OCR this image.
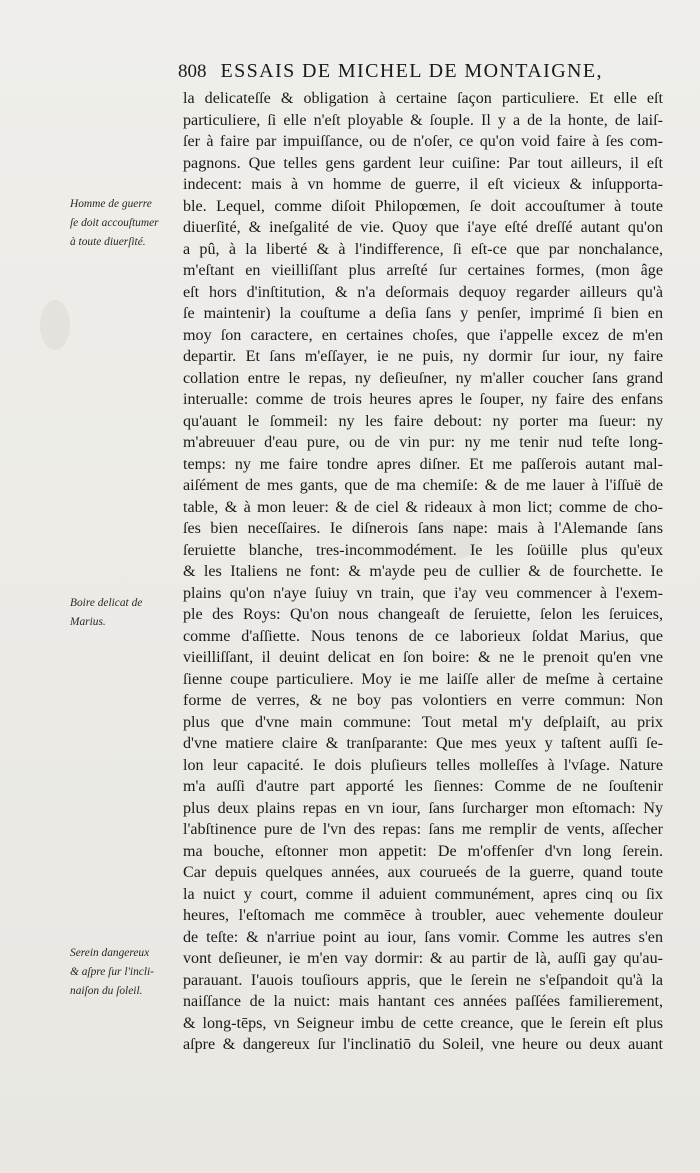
808 ESSAIS DE MICHEL DE MONTAIGNE,
Homme de guerre
ſe doit accouſtumer
à toute diuerſité.
Boire delicat de
Marius.
Serein dangereux
& aſpre ſur l'incli-
naiſon du ſoleil.
la delicateſſe & obligation à certaine ſaçon particuliere. Et elle eſt
particuliere, ſi elle n'eſt ployable & ſouple. Il y a de la honte, de laiſ-
ſer à faire par impuiſſance, ou de n'oſer, ce qu'on void faire à ſes com-
pagnons. Que telles gens gardent leur cuiſine: Par tout ailleurs, il eſt
indecent: mais à vn homme de guerre, il eſt vicieux & inſupporta-
ble. Lequel, comme diſoit Philopœmen, ſe doit accouſtumer à toute
diuerſité, & ineſgalité de vie. Quoy que i'aye eſté dreſſé autant qu'on
a pû, à la liberté & à l'indifference, ſi eſt-ce que par nonchalance,
m'eſtant en vieilliſſant plus arreſté ſur certaines formes, (mon âge
eſt hors d'inſtitution, & n'a deſormais dequoy regarder ailleurs qu'à
ſe maintenir) la couſtume a deſia ſans y penſer, imprimé ſi bien en
moy ſon caractere, en certaines choſes, que i'appelle excez de m'en
departir. Et ſans m'eſſayer, ie ne puis, ny dormir ſur iour, ny faire
collation entre le repas, ny deſieuſner, ny m'aller coucher ſans grand
interualle: comme de trois heures apres le ſouper, ny faire des enfans
qu'auant le ſommeil: ny les faire debout: ny porter ma ſueur: ny
m'abreuuer d'eau pure, ou de vin pur: ny me tenir nud teſte long-
temps: ny me faire tondre apres diſner. Et me paſſerois autant mal-
aiſément de mes gants, que de ma chemiſe: & de me lauer à l'iſſuë de
table, & à mon leuer: & de ciel & rideaux à mon lict; comme de cho-
ſes bien neceſſaires. Ie diſnerois ſans nape: mais à l'Alemande ſans
ſeruiette blanche, tres-incommodément. Ie les ſoüille plus qu'eux
& les Italiens ne font: & m'ayde peu de cullier & de fourchette. Ie
plains qu'on n'aye ſuiuy vn train, que i'ay veu commencer à l'exem-
ple des Roys: Qu'on nous changeaſt de ſeruiette, ſelon les ſeruices,
comme d'aſſiette. Nous tenons de ce laborieux ſoldat Marius, que
vieilliſſant, il deuint delicat en ſon boire: & ne le prenoit qu'en vne
ſienne coupe particuliere. Moy ie me laiſſe aller de meſme à certaine
forme de verres, & ne boy pas volontiers en verre commun: Non
plus que d'vne main commune: Tout metal m'y deſplaiſt, au prix
d'vne matiere claire & tranſparante: Que mes yeux y taſtent auſſi ſe-
lon leur capacité. Ie dois pluſieurs telles molleſſes à l'vſage. Nature
m'a auſſi d'autre part apporté les ſiennes: Comme de ne ſouſtenir
plus deux plains repas en vn iour, ſans ſurcharger mon eſtomach: Ny
l'abſtinence pure de l'vn des repas: ſans me remplir de vents, aſſecher
ma bouche, eſtonner mon appetit: De m'offenſer d'vn long ſerein.
Car depuis quelques années, aux courueés de la guerre, quand toute
la nuict y court, comme il aduient communément, apres cinq ou ſix
heures, l'eſtomach me commēce à troubler, auec vehemente douleur
de teſte: & n'arriue point au iour, ſans vomir. Comme les autres s'en
vont deſieuner, ie m'en vay dormir: & au partir de là, auſſi gay qu'au-
parauant. I'auois touſiours appris, que le ſerein ne s'eſpandoit qu'à la
naiſſance de la nuict: mais hantant ces années paſſées familierement,
& long-tēps, vn Seigneur imbu de cette creance, que le ſerein eſt plus
aſpre & dangereux ſur l'inclinatiō du Soleil, vne heure ou deux auant
